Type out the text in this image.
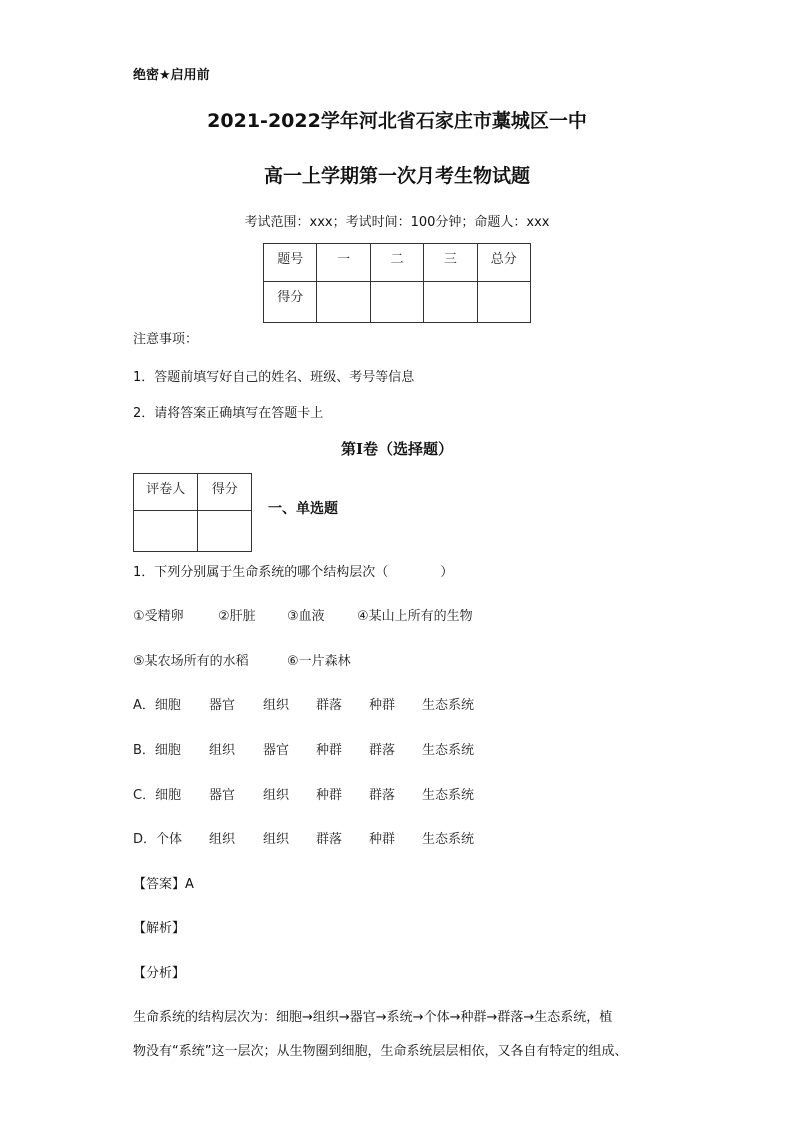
绝密★启用前
2021-2022学年河北省石家庄市藁城区一中
高一上学期第一次月考生物试题
考试范围：xxx；考试时间：100分钟；命题人：xxx
题号	一	二	三	总分
得分				
注意事项：
1．答题前填写好自己的姓名、班级、考号等信息
2．请将答案正确填写在答题卡上
第I卷（选择题）
评卷人	得分

一、单选题
1．下列分别属于生命系统的哪个结构层次（　　　　）
①受精卵	②肝脏 ③血液 ④某山上所有的生物
⑤某农场所有的水稻	⑥一片森林
A．细胞 器官 组织 群落 种群 生态系统
B．细胞 组织 器官 种群 群落 生态系统
C．细胞 器官 组织 种群 群落 生态系统
D．个体 组织 组织 群落 种群 生态系统
【答案】A
【解析】
【分析】
生命系统的结构层次为：细胞→组织→器官→系统→个体→种群→群落→生态系统，植
物没有“系统”这一层次；从生物圈到细胞，生命系统层层相依，又各自有特定的组成、
